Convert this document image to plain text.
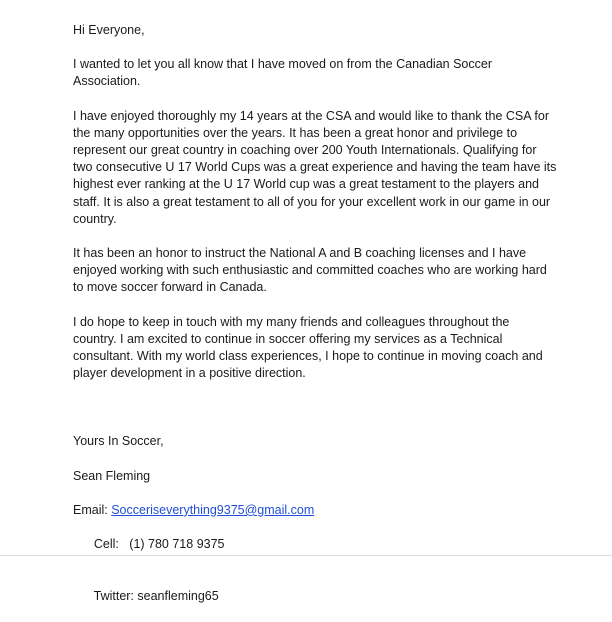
Hi Everyone,
I wanted to let you all know that I have moved on from the Canadian Soccer
Association.
I have enjoyed thoroughly my 14 years at the CSA and would like to thank the CSA for
the many opportunities over the years. It has been a great honor and privilege to
represent our great country in coaching over 200 Youth Internationals. Qualifying for
two consecutive U 17 World Cups was a great experience and having the team have its
highest ever ranking at the U 17 World cup was a great testament to the players and
staff. It is also a great testament to all of you for your excellent work in our game in our
country.
It has been an honor to instruct the National A and B coaching licenses and I have
enjoyed working with such enthusiastic and committed coaches who are working hard
to move soccer forward in Canada.
I do hope to keep in touch with my many friends and colleagues throughout the
country. I am excited to continue in soccer offering my services as a Technical
consultant. With my world class experiences, I hope to continue in moving coach and
player development in a positive direction.
Yours In Soccer,
Sean Fleming
Email: Socceriseverything9375@gmail.com

Cell:   (1) 780 718 9375

Twitter: seanfleming65
